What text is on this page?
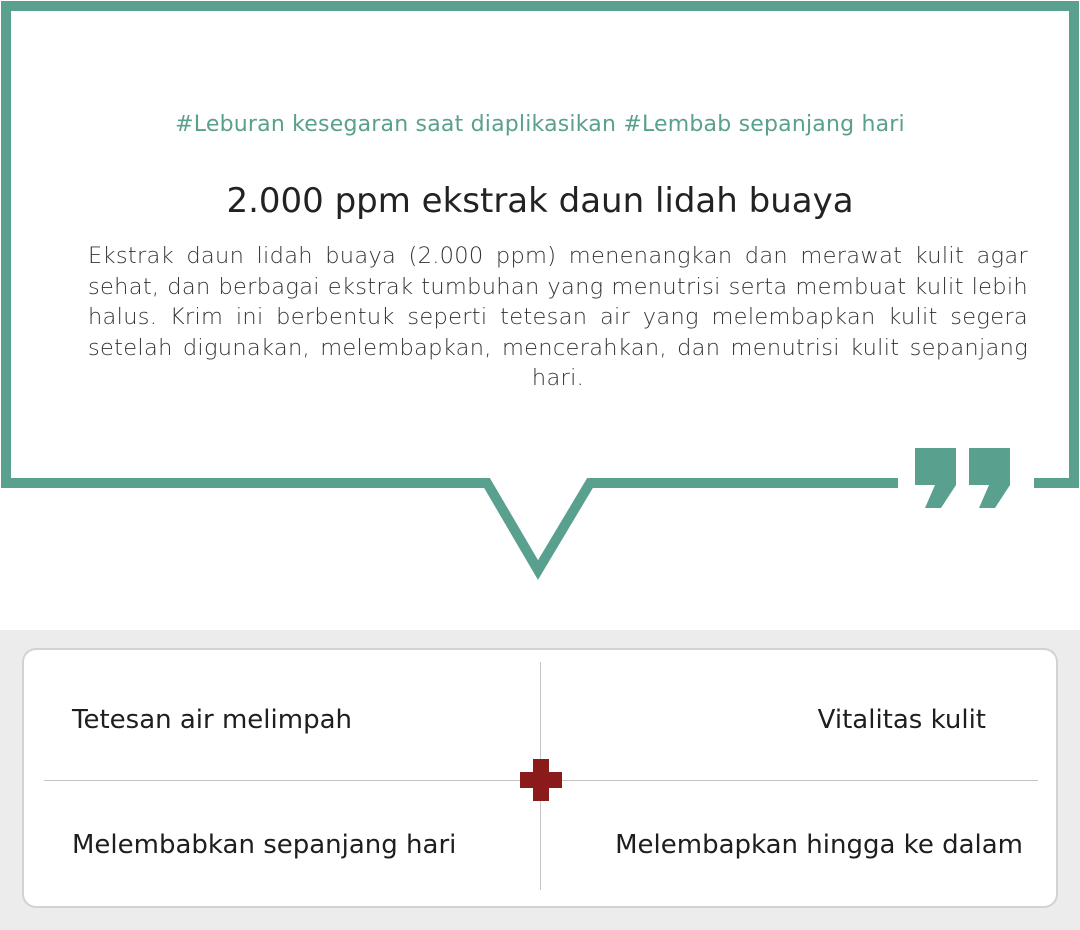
#Leburan kesegaran saat diaplikasikan #Lembab sepanjang hari
2.000 ppm ekstrak daun lidah buaya
Ekstrak daun lidah buaya (2.000 ppm) menenangkan dan merawat kulit agar sehat, dan berbagai ekstrak tumbuhan yang menutrisi serta membuat kulit lebih halus. Krim ini berbentuk seperti tetesan air yang melembapkan kulit segera setelah digunakan, melembapkan, mencerahkan, dan menutrisi kulit sepanjang hari.
Tetesan air melimpah	Vitalitas kulit
Melembabkan sepanjang hari	Melembapkan hingga ke dalam
